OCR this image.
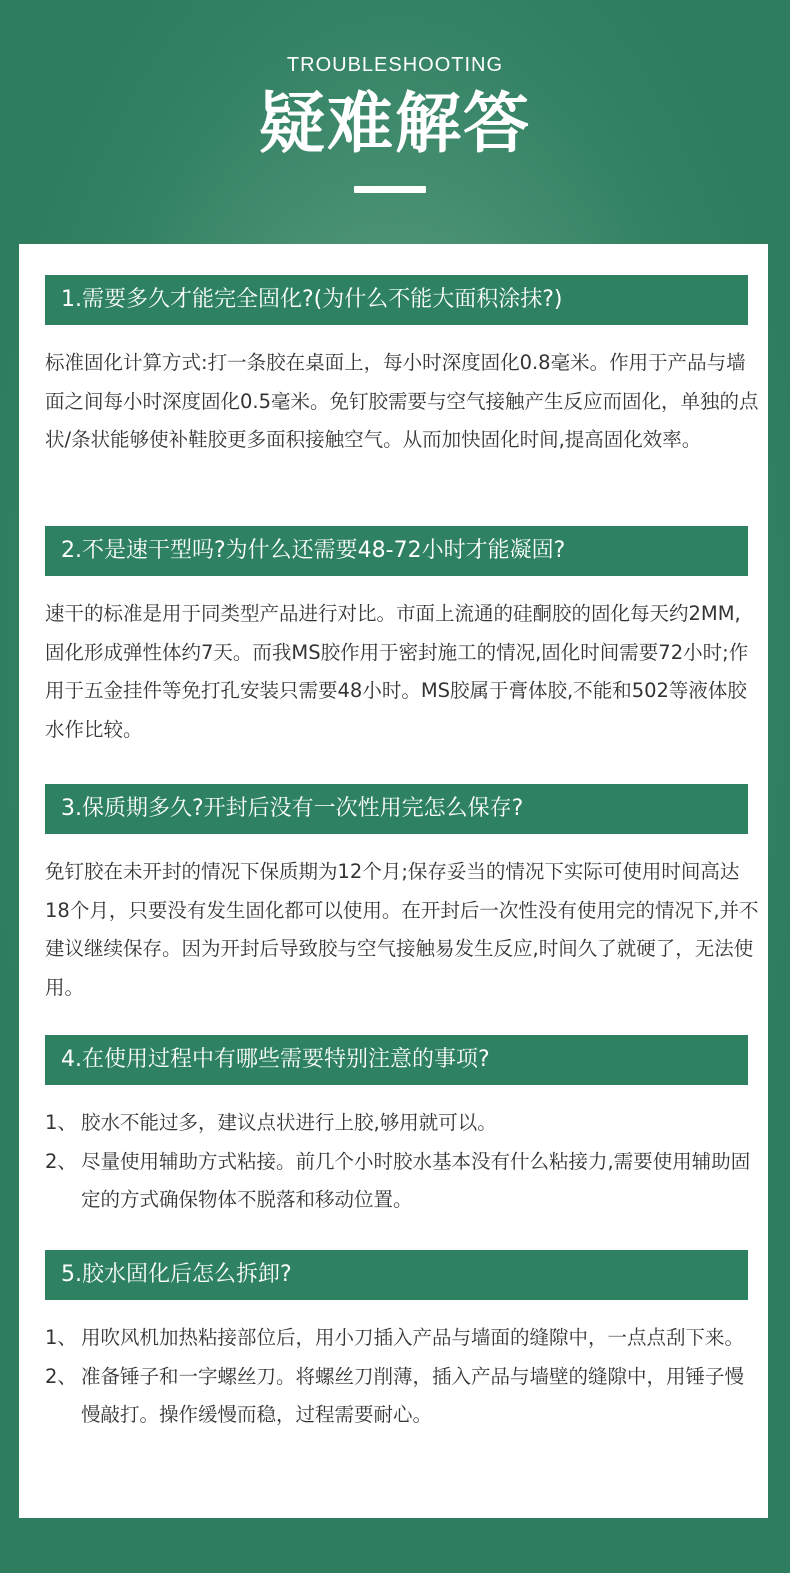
TROUBLESHOOTING
疑难解答
1.需要多久才能完全固化?(为什么不能大面积涂抹?)
标准固化计算方式:打一条胶在桌面上，每小时深度固化0.8毫米。作用于产品与墙面之间每小时深度固化0.5毫米。免钉胶需要与空气接触产生反应而固化，单独的点状/条状能够使补鞋胶更多面积接触空气。从而加快固化时间,提高固化效率。
2.不是速干型吗?为什么还需要48-72小时才能凝固?
速干的标准是用于同类型产品进行对比。市面上流通的硅酮胶的固化每天约2MM,固化形成弹性体约7天。而我MS胶作用于密封施工的情况,固化时间需要72小时;作用于五金挂件等免打孔安装只需要48小时。MS胶属于膏体胶,不能和502等液体胶水作比较。
3.保质期多久?开封后没有一次性用完怎么保存?
免钉胶在未开封的情况下保质期为12个月;保存妥当的情况下实际可使用时间高达18个月，只要没有发生固化都可以使用。在开封后一次性没有使用完的情况下,并不建议继续保存。因为开封后导致胶与空气接触易发生反应,时间久了就硬了，无法使用。
4.在使用过程中有哪些需要特别注意的事项?
1、 胶水不能过多，建议点状进行上胶,够用就可以。
2、 尽量使用辅助方式粘接。前几个小时胶水基本没有什么粘接力,需要使用辅助固定的方式确保物体不脱落和移动位置。
5.胶水固化后怎么拆卸?
1、 用吹风机加热粘接部位后，用小刀插入产品与墙面的缝隙中，一点点刮下来。
2、 准备锤子和一字螺丝刀。将螺丝刀削薄，插入产品与墙壁的缝隙中，用锤子慢慢敲打。操作缓慢而稳，过程需要耐心。
